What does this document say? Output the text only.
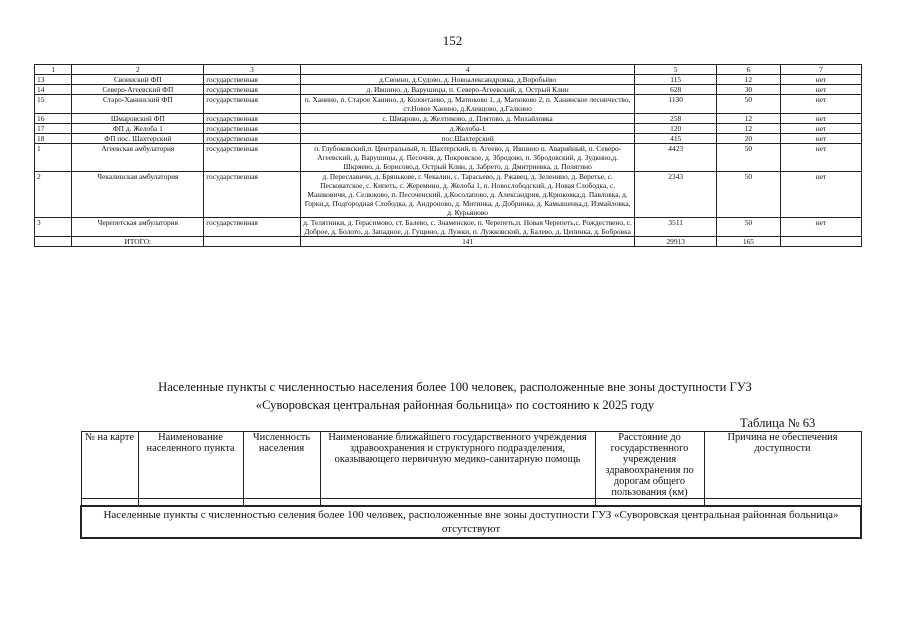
152
1	2	3	4	5	6	7
13	Своинский ФП	государственная	д.Своино, д.Судово, д. Новоалександровка, д.Воробьёво	115	12	нет
14	Северо-Агеевский ФП	государственная	д. Ившино, д. Варушицы, п. Северо-Агеевский, д. Острый Клин	628	30	нет
15	Старо-Ханинский ФП	государственная	п. Ханино, п. Старое Ханино, д. Колонтаево, д. Матюково 1, д. Матюково 2, п. Ханинское лесничество, ст.Новое Ханино, д.Клевцово, д.Галкино	1130	50	нет
16	Шмаровский ФП	государственная	с. Шмарово, д. Желтиково, д. Плятово, д. Михайловка	258	12	нет
17	ФП д. Желоба 1	государственная	д.Желоба-1	120	12	нет
18	ФП пос. Шахтерский	государственная	пос.Шахтерский	415	20	нет
1	Агеевская амбулатория	государственная	п. Глубоковский,п. Центральный, п. Шахтерский, п. Агеево, д. Ившино п. Аварийный, п. Северо-Агеевский, д. Варушицы, д. Песочня, д. Покровское, д. Збродово, п. Збродовский, д. Зудкино,д. Шкряево, д. Борисово,д. Острый Клин, д. Забрето, д. Дмитриевка, д. Полягино	4423	50	нет
2	Чекалинская амбулатория	государственная	д. Переславичи, д. Брянькове, г. Чекалин, с. Тарасьево, д. Ржавец, д. Зеленино, д. Веретье, с. Песковатское, с. Кипеть, с. Жеремино, д. Желоба 1, п. Новослободский, д. Новая Слободка, с. Машковичи, д. Селюково, п. Песоченский, д.Косолапово, д. Александрия, д.Крюковка,д. Павловка, д. Горки,д. Подгородная Слободка, д. Андроново, д. Митинка, д. Добринка, д. Камышенка,д. Измайловка, д. Курьяново	2343	50	нет
3	Черепетская амбулатория	государственная	д. Телятники, д. Герасимово, ст. Балево, с. Знаменское, п. Черепеть,п. Новая Черепеть,с. Рождествено, с. Доброе, д. Болото, д. Западное, д. Гущино, д. Лужки, п. Лужковский, д. Балево, д. Цепинка, д. Бобровка	3511	50	нет
	ИТОГО:		141	29913	165	
Населенные пункты с численностью населения более 100 человек, расположенные вне зоны доступности ГУЗ
«Суворовская центральная районная больница» по состоянию к 2025 году
Таблица № 63
№ на карте	Наименование населенного пункта	Численность населения	Наименование ближайшего государственного учреждения здравоохранения и структурного подразделения, оказывающего первичную медико-санитарную помощь	Расстояние до государственного учреждения здравоохранения по дорогам общего пользования (км)	Причина не обеспечения доступности

Населенные пункты с численностью селения более 100 человек, расположенные вне зоны доступности ГУЗ «Суворовская центральная районная больница» отсутствуют					
